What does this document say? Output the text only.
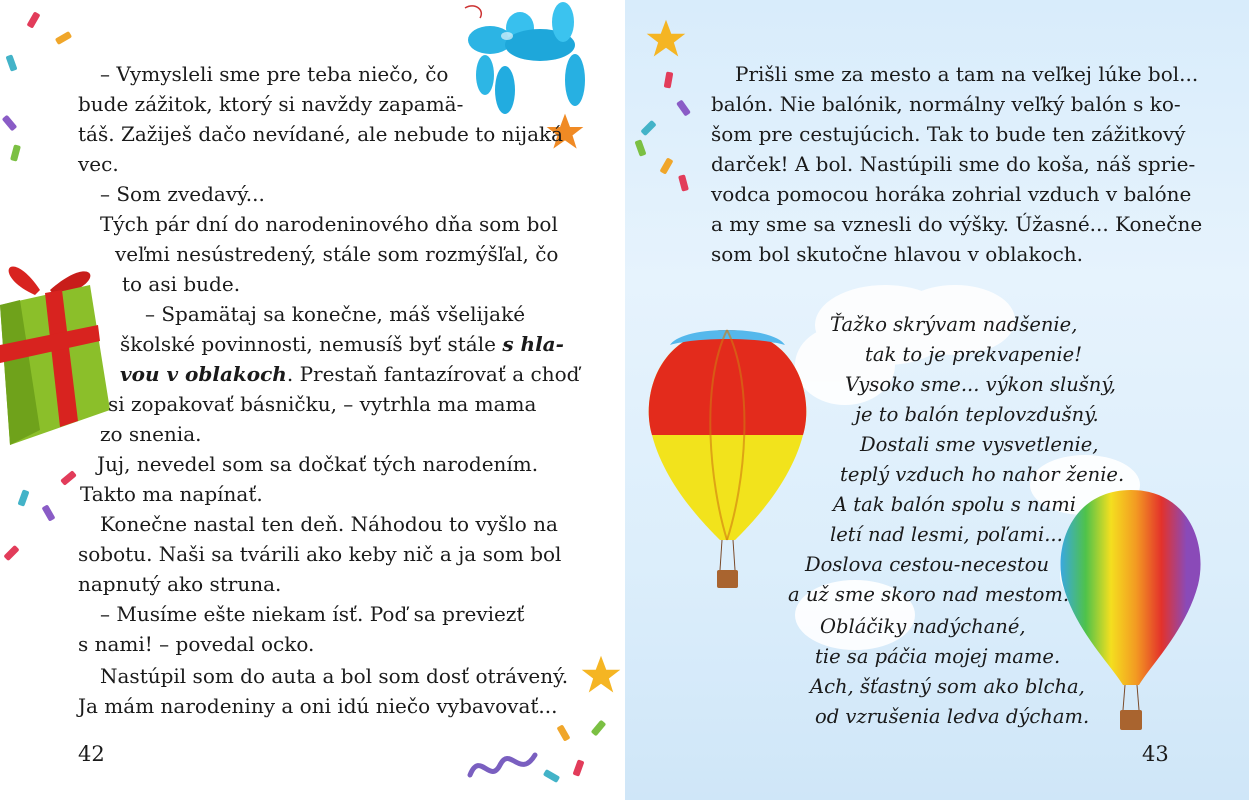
– Vymysleli sme pre teba niečo, čo
bude zážitok, ktorý si navždy zapamä-
táš. Zažiješ dačo nevídané, ale nebude to nijaká
vec.
– Som zvedavý...
Tých pár dní do narodeninového dňa som bol
veľmi nesústredený, stále som rozmýšľal, čo
to asi bude.
– Spamätaj sa konečne, máš všelijaké
školské povinnosti, nemusíš byť stále s hla-
vou v oblakoch. Prestaň fantazírovať a choď
si zopakovať básničku, – vytrhla ma mama
zo snenia.
Juj, nevedel som sa dočkať tých narodením.
Takto ma napínať.
Konečne nastal ten deň. Náhodou to vyšlo na
sobotu. Naši sa tvárili ako keby nič a ja som bol
napnutý ako struna.
– Musíme ešte niekam ísť. Poď sa previezť
s nami! – povedal ocko.
Nastúpil som do auta a bol som dosť otrávený.
Ja mám narodeniny a oni idú niečo vybavovať...
42
Prišli sme za mesto a tam na veľkej lúke bol...
balón. Nie balónik, normálny veľký balón s ko-
šom pre cestujúcich. Tak to bude ten zážitkový
darček! A bol. Nastúpili sme do koša, náš sprie-
vodca pomocou horáka zohrial vzduch v balóne
a my sme sa vznesli do výšky. Úžasné... Konečne
som bol skutočne hlavou v oblakoch.
Ťažko skrývam nadšenie,
tak to je prekvapenie!
Vysoko sme... výkon slušný,
je to balón teplovzdušný.
Dostali sme vysvetlenie,
teplý vzduch ho nahor ženie.
A tak balón spolu s nami
letí nad lesmi, poľami...
Doslova cestou-necestou
a už sme skoro nad mestom.
Obláčiky nadýchané,
tie sa páčia mojej mame.
Ach, šťastný som ako blcha,
od vzrušenia ledva dýcham.
43
